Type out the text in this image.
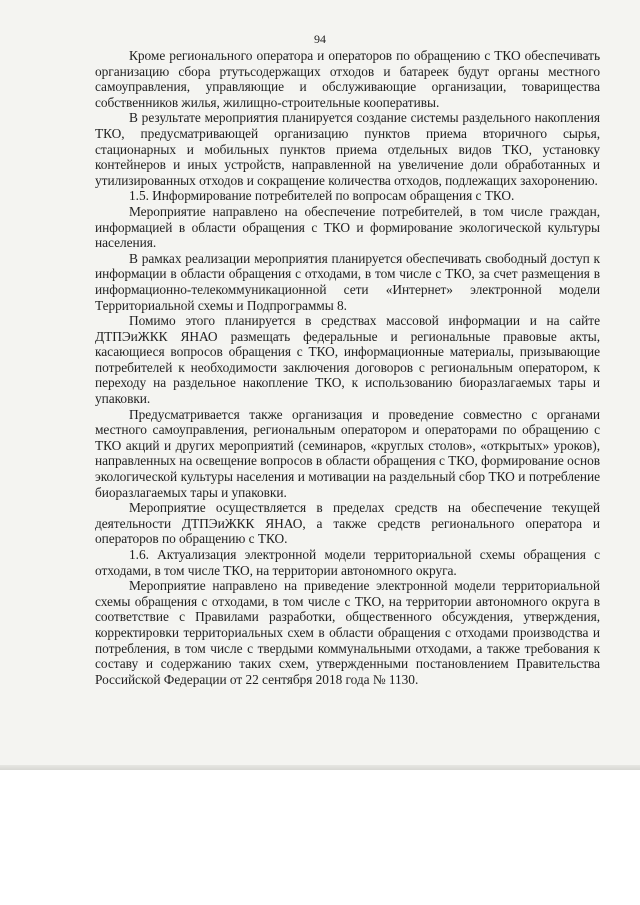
94

Кроме регионального оператора и операторов по обращению с ТКО обеспечивать организацию сбора ртутьсодержащих отходов и батареек будут органы местного самоуправления, управляющие и обслуживающие организации, товарищества собственников жилья, жилищно-строительные кооперативы.

В результате мероприятия планируется создание системы раздельного накопления ТКО, предусматривающей организацию пунктов приема вторичного сырья, стационарных и мобильных пунктов приема отдельных видов ТКО, установку контейнеров и иных устройств, направленной на увеличение доли обработанных и утилизированных отходов и сокращение количества отходов, подлежащих захоронению.

1.5. Информирование потребителей по вопросам обращения с ТКО.

Мероприятие направлено на обеспечение потребителей, в том числе граждан, информацией в области обращения с ТКО и формирование экологической культуры населения.

В рамках реализации мероприятия планируется обеспечивать свободный доступ к информации в области обращения с отходами, в том числе с ТКО, за счет размещения в информационно-телекоммуникационной сети «Интернет» электронной модели Территориальной схемы и Подпрограммы 8.

Помимо этого планируется в средствах массовой информации и на сайте ДТПЭиЖКК ЯНАО размещать федеральные и региональные правовые акты, касающиеся вопросов обращения с ТКО, информационные материалы, призывающие потребителей к необходимости заключения договоров с региональным оператором, к переходу на раздельное накопление ТКО, к использованию биоразлагаемых тары и упаковки.

Предусматривается также организация и проведение совместно с органами местного самоуправления, региональным оператором и операторами по обращению с ТКО акций и других мероприятий (семинаров, «круглых столов», «открытых» уроков), направленных на освещение вопросов в области обращения с ТКО, формирование основ экологической культуры населения и мотивации на раздельный сбор ТКО и потребление биоразлагаемых тары и упаковки.

Мероприятие осуществляется в пределах средств на обеспечение текущей деятельности ДТПЭиЖКК ЯНАО, а также средств регионального оператора и операторов по обращению с ТКО.

1.6. Актуализация электронной модели территориальной схемы обращения с отходами, в том числе ТКО, на территории автономного округа.

Мероприятие направлено на приведение электронной модели территориальной схемы обращения с отходами, в том числе с ТКО, на территории автономного округа в соответствие с Правилами разработки, общественного обсуждения, утверждения, корректировки территориальных схем в области обращения с отходами производства и потребления, в том числе с твердыми коммунальными отходами, а также требования к составу и содержанию таких схем, утвержденными постановлением Правительства Российской Федерации от 22 сентября 2018 года № 1130.
